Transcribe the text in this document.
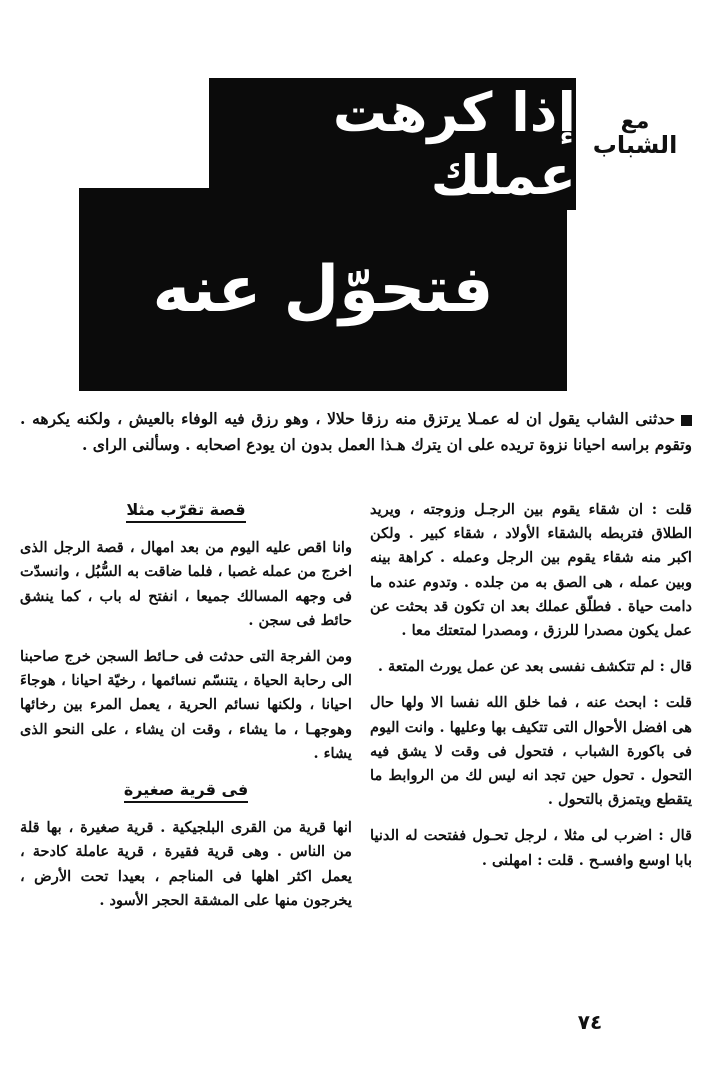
مع
الشباب
فتحوّل عنه
إذا كرهت عملك
حدثنى الشاب يقول ان له عمـلا يرتزق منه رزقا حلالا ، وهو رزق فيه الوفاء بالعيش ، ولكنه يكرهه . وتقوم براسه احيانا نزوة تريده على ان يترك هـذا العمل بدون ان يودع اصحابه . وسألنى الراى .

قلت : ان شقاء يقوم بين الرجـل وزوجته ، ويريد الطلاق فتربطه بالشقاء الأولاد ، شقاء كبير . ولكن اكبر منه شقاء يقوم بين الرجل وعمله . كراهة بينه وبين عمله ، هى الصق به من جلده . وتدوم عنده ما دامت حياة . فطلّق عملك بعد ان تكون قد بحثت عن عمل يكون مصدرا للرزق ، ومصدرا لمتعتك معا .

قال : لم تتكشف نفسى بعد عن عمل يورث المتعة .

قلت : ابحث عنه ، فما خلق الله نفسا الا ولها حال هى افضل الأحوال التى تتكيف بها وعليها . وانت اليوم فى باكورة الشباب ، فتحول فى وقت لا يشق فيه التحول . تحول حين تجد انه ليس لك من الروابط ما يتقطع ويتمزق بالتحول .

قال : اضرب لى مثلا ، لرجل تحـول ففتحت له الدنيا بابا اوسع وافسـح . قلت : امهلنى .

قصة تقرّب مثلا

وانا اقص عليه اليوم من بعد امهال ، قصة الرجل الذى اخرج من عمله غصبا ، فلما ضاقت به السُّبُل ، وانسدّت فى وجهه المسالك جميعا ، انفتح له باب ، كما ينشق حائط فى سجن .

ومن الفرجة التى حدثت فى حـائط السجن خرج صاحبنا الى رحابة الحياة ، يتنسّم نسائمها ، رخيّة احيانا ، هوجاءَ احيانا ، ولكنها نسائم الحرية ، يعمل المرء بين رخائها وهوجهـا ، ما يشاء ، وقت ان يشاء ، على النحو الذى يشاء .

فى قرية صغيرة

انها قرية من القرى البلجيكية . قرية صغيرة ، بها قلة من الناس . وهى قرية فقيرة ، قرية عاملة كادحة ، يعمل اكثر اهلها فى المناجم ، بعيدا تحت الأرض ، يخرجون منها على المشقة الحجر الأسود .

٧٤
